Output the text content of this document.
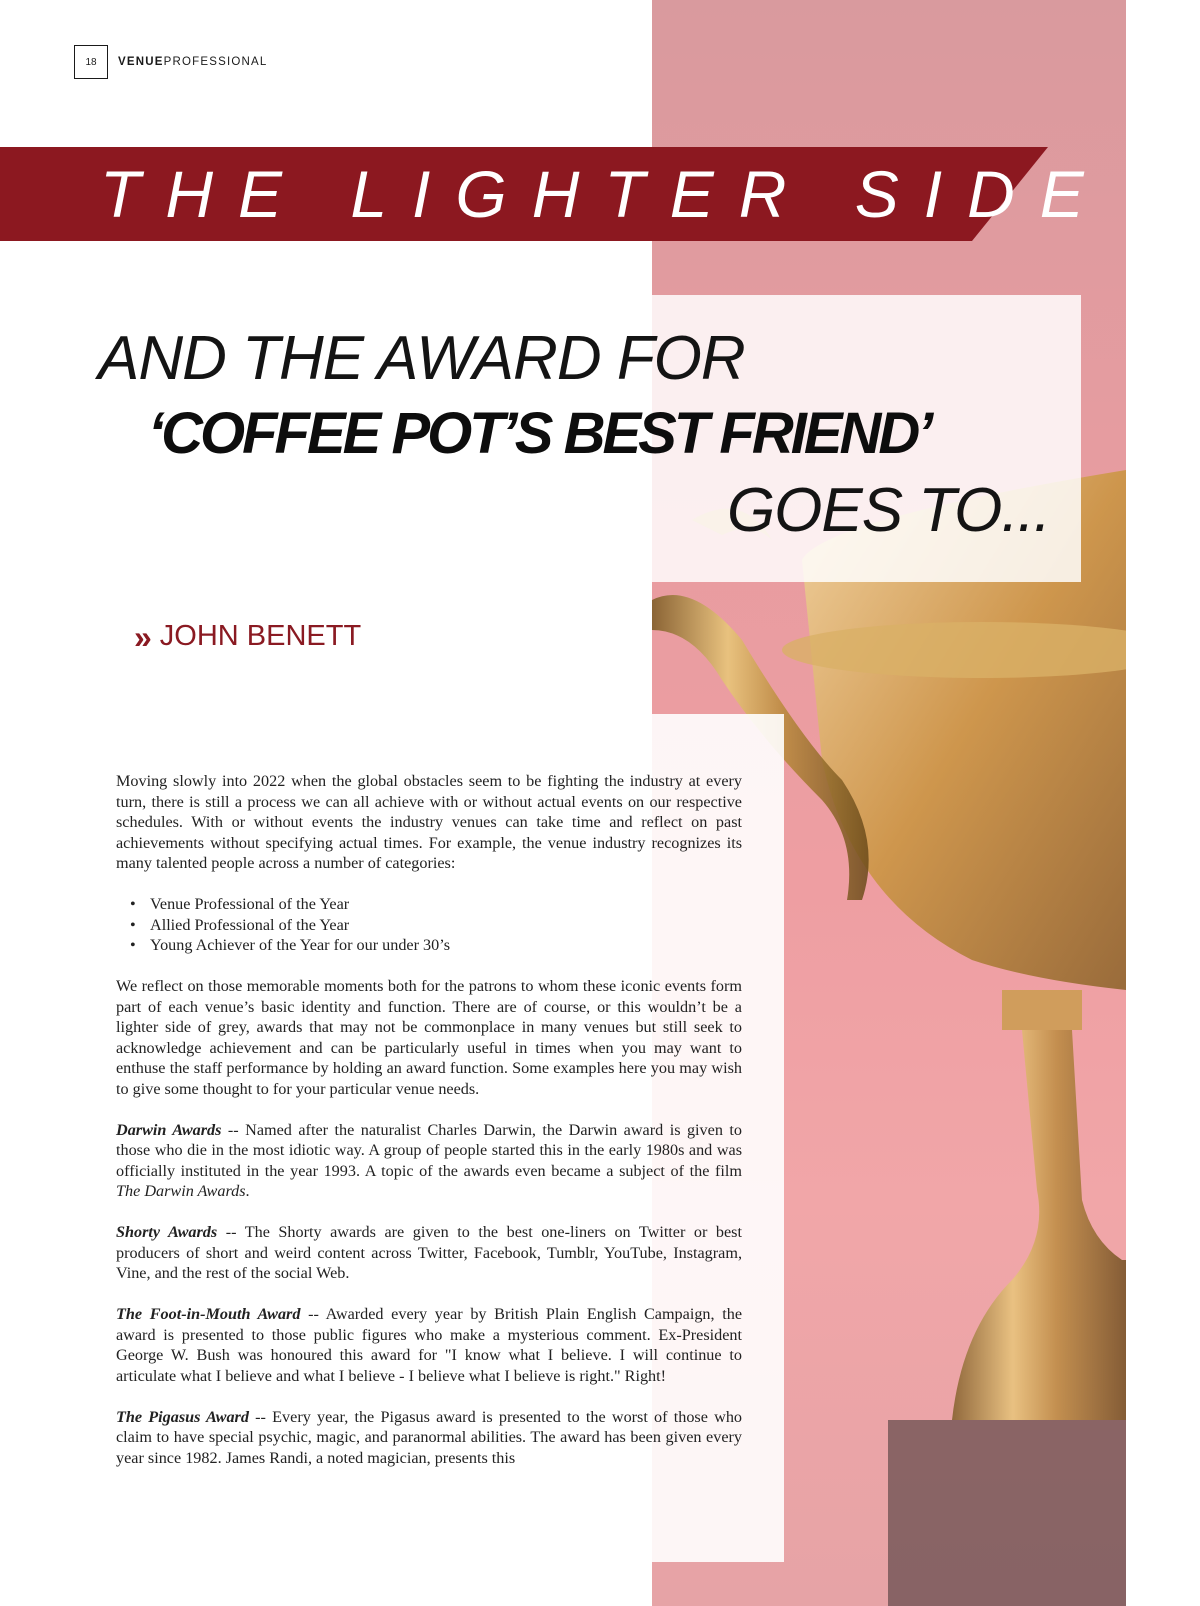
18	VENUEPROFESSIONAL
THE LIGHTER SIDE
AND THE AWARD FOR
‘COFFEE POT’S BEST FRIEND’
GOES TO...
» JOHN BENETT

Moving slowly into 2022 when the global obstacles seem to be fighting the industry at every turn, there is still a process we can all achieve with or without actual events on our respective schedules. With or without events the industry venues can take time and reflect on past achievements without specifying actual times. For example, the venue industry recognizes its many talented people across a number of categories:

• Venue Professional of the Year
• Allied Professional of the Year
• Young Achiever of the Year for our under 30’s

We reflect on those memorable moments both for the patrons to whom these iconic events form part of each venue’s basic identity and function. There are of course, or this wouldn’t be a lighter side of grey, awards that may not be commonplace in many venues but still seek to acknowledge achievement and can be particularly useful in times when you may want to enthuse the staff performance by holding an award function. Some examples here you may wish to give some thought to for your particular venue needs.

Darwin Awards -- Named after the naturalist Charles Darwin, the Darwin award is given to those who die in the most idiotic way. A group of people started this in the early 1980s and was officially instituted in the year 1993. A topic of the awards even became a subject of the film The Darwin Awards.

Shorty Awards -- The Shorty awards are given to the best one-liners on Twitter or best producers of short and weird content across Twitter, Facebook, Tumblr, YouTube, Instagram, Vine, and the rest of the social Web.

The Foot-in-Mouth Award -- Awarded every year by British Plain English Campaign, the award is presented to those public figures who make a mysterious comment. Ex-President George W. Bush was honoured this award for "I know what I believe. I will continue to articulate what I believe and what I believe - I believe what I believe is right." Right!

The Pigasus Award -- Every year, the Pigasus award is presented to the worst of those who claim to have special psychic, magic, and paranormal abilities. The award has been given every year since 1982. James Randi, a noted magician, presents this
